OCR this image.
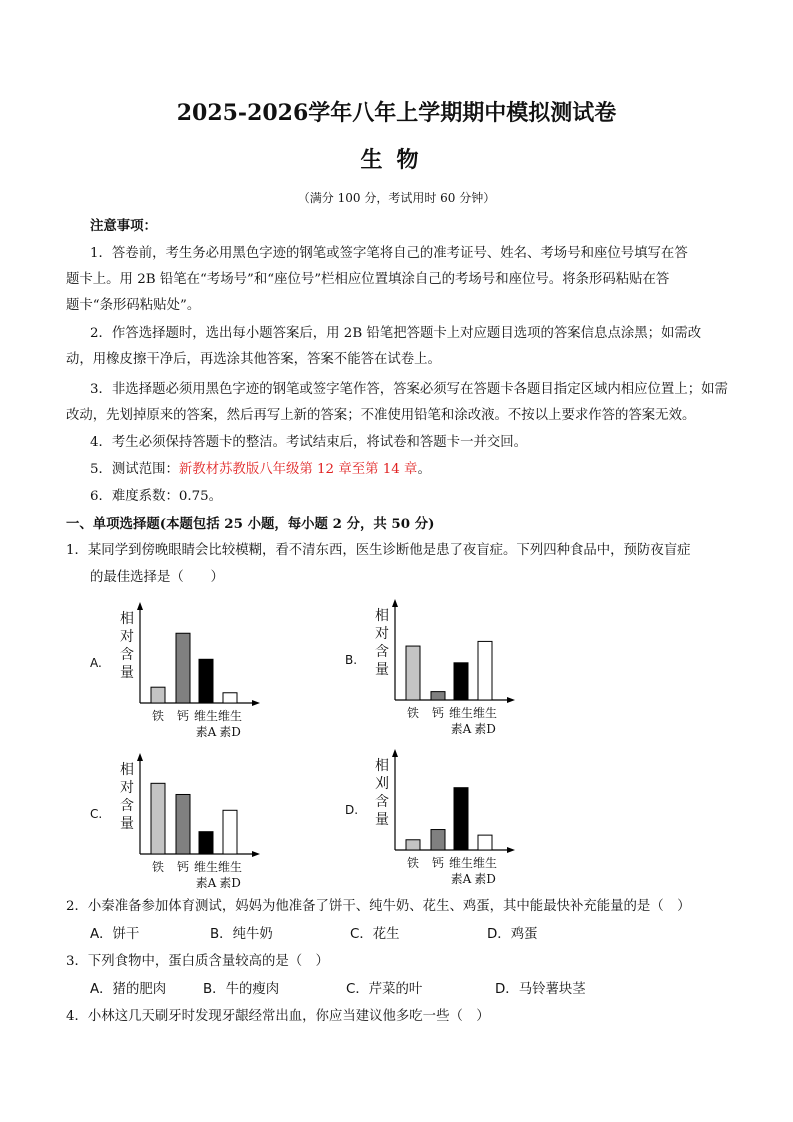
2025-2026学年八年上学期期中模拟测试卷
生物
（满分 100 分，考试用时 60 分钟）
注意事项：
1．答卷前，考生务必用黑色字迹的钢笔或签字笔将自己的准考证号、姓名、考场号和座位号填写在答
题卡上。用 2B 铅笔在“考场号”和“座位号”栏相应位置填涂自己的考场号和座位号。将条形码粘贴在答
题卡“条形码粘贴处”。
2．作答选择题时，选出每小题答案后，用 2B 铅笔把答题卡上对应题目选项的答案信息点涂黑；如需改
动，用橡皮擦干净后，再选涂其他答案，答案不能答在试卷上。
3．非选择题必须用黑色字迹的钢笔或签字笔作答，答案必须写在答题卡各题目指定区域内相应位置上；如需
改动，先划掉原来的答案，然后再写上新的答案；不准使用铅笔和涂改液。不按以上要求作答的答案无效。
4．考生必须保持答题卡的整洁。考试结束后，将试卷和答题卡一并交回。
5．测试范围：新教材苏教版八年级第 12 章至第 14 章。
6．难度系数：0.75。
一、单项选择题(本题包括 25 小题，每小题 2 分，共 50 分)
1．某同学到傍晚眼睛会比较模糊，看不清东西，医生诊断他是患了夜盲症。下列四种食品中，预防夜盲症
的最佳选择是（　　）
A.
相对含量
铁	钙 维生
素A
维生
素D
B.
相对含量
铁	钙 维生
素A
维生
素D
C.
相对含量
铁	钙 维生
素A
维生
素D
D.
相刈含量
铁	钙 维生
素A
维生
素D
2．小秦准备参加体育测试，妈妈为他准备了饼干、纯牛奶、花生、鸡蛋，其中能最快补充能量的是（　）
A．饼干	B．纯牛奶	C．花生	D．鸡蛋
3．下列食物中，蛋白质含量较高的是（　）
A．猪的肥肉	B．牛的瘦肉	C．芹菜的叶	D．马铃薯块茎
4．小林这几天刷牙时发现牙龈经常出血，你应当建议他多吃一些（　）
